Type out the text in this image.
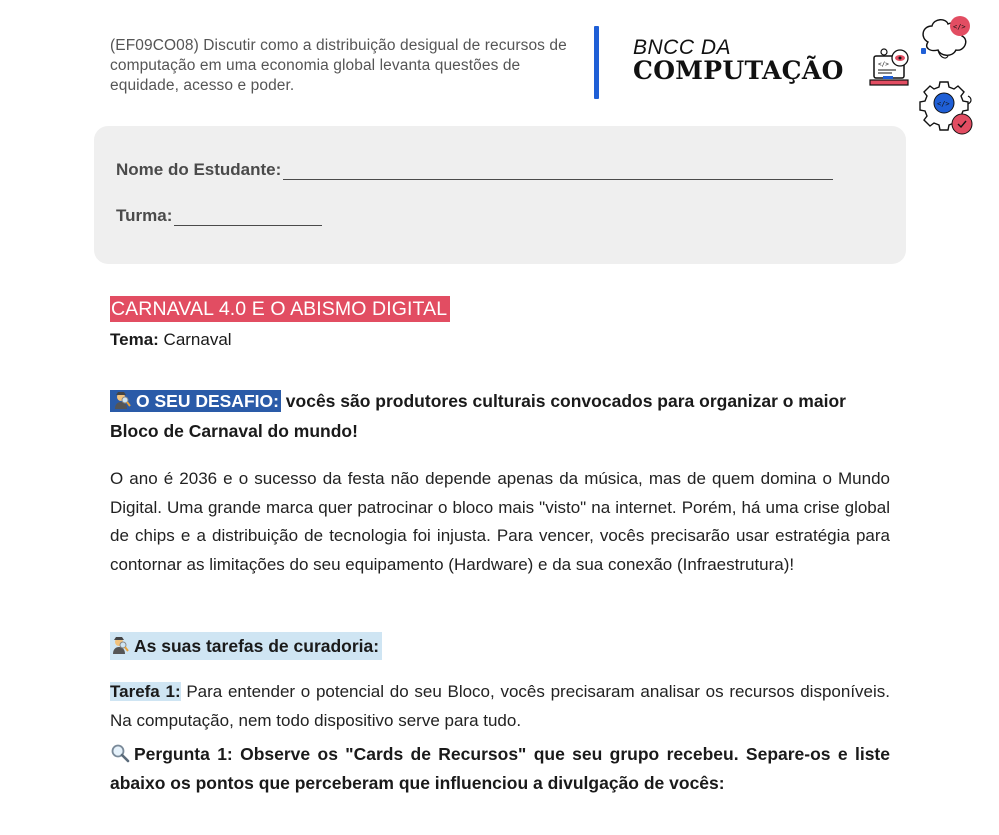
(EF09CO08) Discutir como a distribuição desigual de recursos de computação em uma economia global levanta questões de equidade, acesso e poder.
BNCC DA
COMPUTAÇÃO	</>
</>
</>
Nome do Estudante:
Turma:
CARNAVAL 4.0 E O ABISMO DIGITAL
Tema: Carnaval
O SEU DESAFIO: vocês são produtores culturais convocados para organizar o maior Bloco de Carnaval do mundo!
O ano é 2036 e o sucesso da festa não depende apenas da música, mas de quem domina o Mundo Digital. Uma grande marca quer patrocinar o bloco mais "visto" na internet. Porém, há uma crise global de chips e a distribuição de tecnologia foi injusta. Para vencer, vocês precisarão usar estratégia para contornar as limitações do seu equipamento (Hardware) e da sua conexão (Infraestrutura)!
As suas tarefas de curadoria:
Tarefa 1: Para entender o potencial do seu Bloco, vocês precisaram analisar os recursos disponíveis. Na computação, nem todo dispositivo serve para tudo.
Pergunta 1: Observe os "Cards de Recursos" que seu grupo recebeu. Separe-os e liste abaixo os pontos que perceberam que influenciou a divulgação de vocês:
